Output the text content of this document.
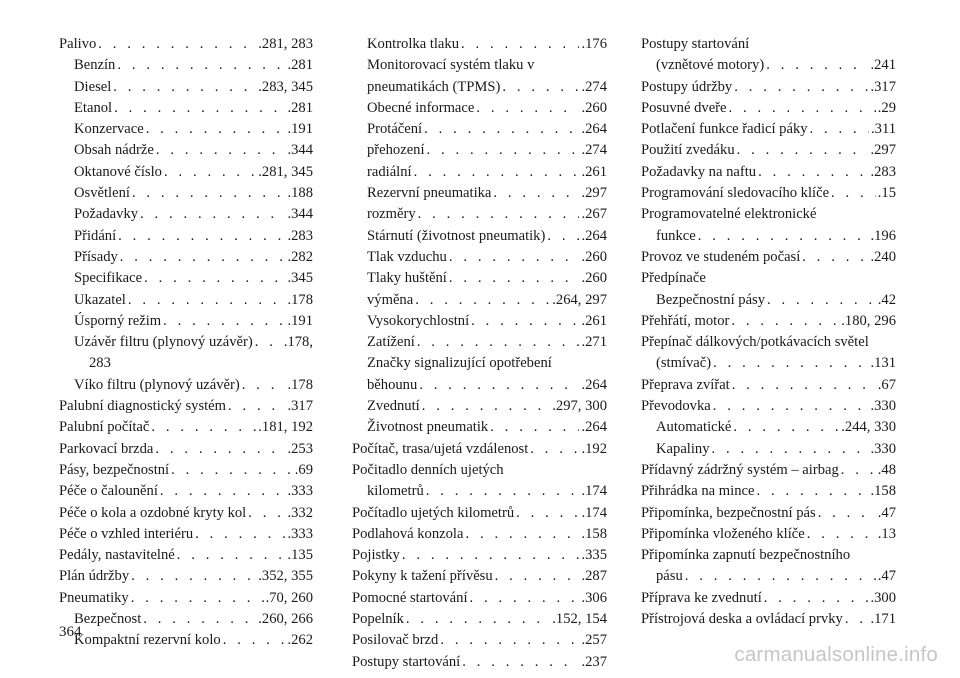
Palivo . . .	.281, 283
Benzín . . .	.281
Diesel . . .	.283, 345
Etanol . . .	.281
Konzervace . . .	.191
Obsah nádrže . . .	.344
Oktanové číslo . . .	.281, 345
Osvětlení . . .	.188
Požadavky . . .	.344
Přidání . . .	.283
Přísady . . .	.282
Specifikace . . .	.345
Ukazatel . . .	.178
Úsporný režim . . .	.191
Uzávěr filtru (plynový uzávěr) . . . .178,
283
Víko filtru (plynový uzávěr) . . .	.178
Palubní diagnostický systém . . .	.317
Palubní počítač . . .	.181, 192
Parkovací brzda . . .	.253
Pásy, bezpečnostní . . .	.69
Péče o čalounění . . .	.333
Péče o kola a ozdobné kryty kol . . .	.332
Péče o vzhled interiéru . . .	.333
Pedály, nastavitelné . . .	.135
Plán údržby . . .	.352, 355
Pneumatiky . . .	.70, 260
Bezpečnost . . .	.260, 266
Kompaktní rezervní kolo . . .	.262
Kontrolka tlaku . . .	.176
Monitorovací systém tlaku v
pneumatikách (TPMS) . . .	.274
Obecné informace . . .	.260
Protáčení . . .	.264
přehození . . .	.274
radiální . . .	.261
Rezervní pneumatika . . .	.297
rozměry . . .	.267
Stárnutí (životnost pneumatik) . . . .264
Tlak vzduchu . . .	.260
Tlaky huštění . . .	.260
výměna . . .	.264, 297
Vysokorychlostní . . .	.261
Zatížení . . .	.271
Značky signalizující opotřebení
běhounu . . .	.264
Zvednutí . . .	.297, 300
Životnost pneumatik . . .	.264
Počítač, trasa/ujetá vzdálenost . . .	.192
Počitadlo denních ujetých
kilometrů . . .	.174
Počítadlo ujetých kilometrů . . .	.174
Podlahová konzola . . .	.158
Pojistky . . .	.335
Pokyny k tažení přívěsu . . .	.287
Pomocné startování . . .	.306
Popelník . . .	.152, 154
Posilovač brzd . . .	.257
Postupy startování . . .	.237
Postupy startování
(vznětové motory) . . .	.241
Postupy údržby . . .	.317
Posuvné dveře . . .	.29
Potlačení funkce řadicí páky . . .	.311
Použití zvedáku . . .	.297
Požadavky na naftu . . .	.283
Programování sledovacího klíče . . .	.15
Programovatelné elektronické
funkce . . .	.196
Provoz ve studeném počasí . . .	.240
Předpínače
Bezpečnostní pásy . . .	.42
Přehřátí, motor . . .	.180, 296
Přepínač dálkových/potkávacích světel
(stmívač) . . .	.131
Přeprava zvířat . . .	.67
Převodovka . . .	.330
Automatické . . .	.244, 330
Kapaliny . . .	.330
Přídavný zádržný systém – airbag . . .	.48
Přihrádka na mince . . .	.158
Připomínka, bezpečnostní pás . . .	.47
Připomínka vloženého klíče . . .	.13
Připomínka zapnutí bezpečnostního
pásu . . .	.47
Příprava ke zvednutí . . .	.300
Přístrojová deska a ovládací prvky . . . .171
364
carmanualsonline.info
